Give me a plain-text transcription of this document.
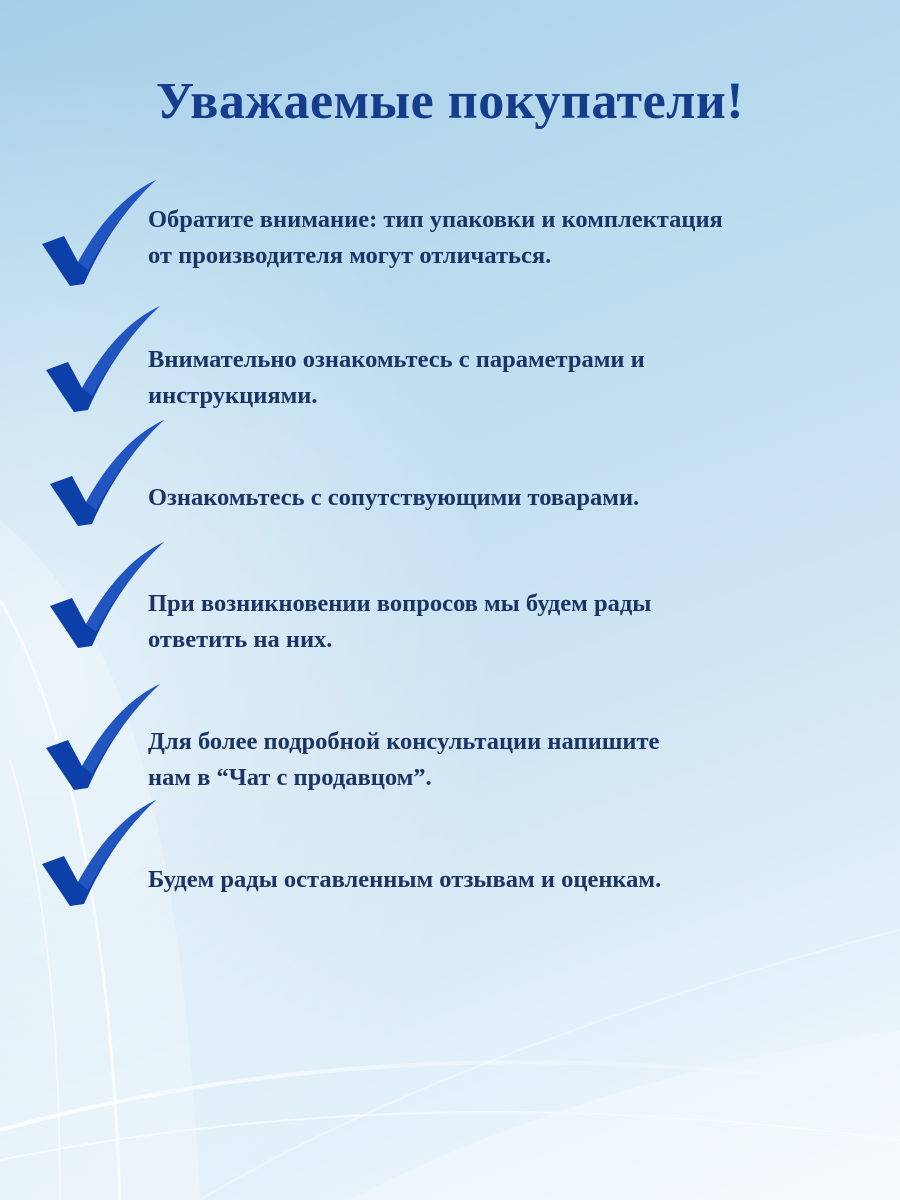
Уважаемые покупатели!
Обратите внимание: тип упаковки и комплектация
от производителя могут отличаться.
Внимательно ознакомьтесь с параметрами и
инструкциями.
Ознакомьтесь с сопутствующими товарами.
При возникновении вопросов мы будем рады
ответить на них.
Для более подробной консультации напишите
нам в “Чат с продавцом”.
Будем рады оставленным отзывам и оценкам.
